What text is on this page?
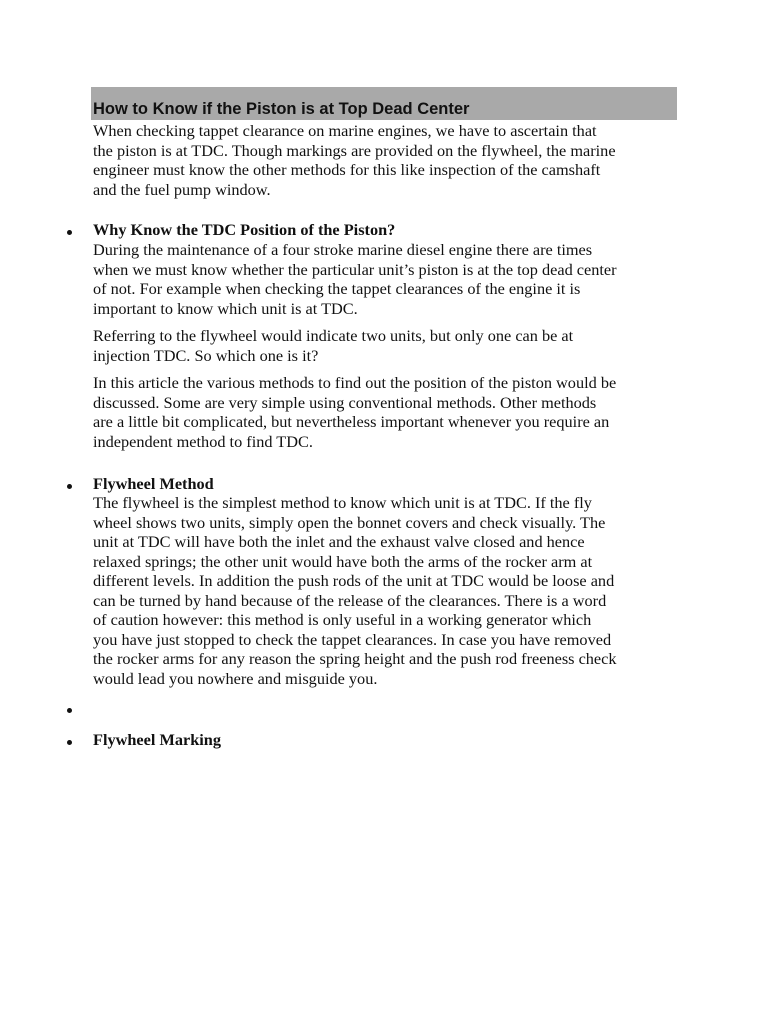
How to Know if the Piston is at Top Dead Center

When checking tappet clearance on marine engines, we have to ascertain that

the piston is at TDC. Though markings are provided on the flywheel, the marine

engineer must know the other methods for this like inspection of the camshaft

and the fuel pump window.

Why Know the TDC Position of the Piston?

During the maintenance of a four stroke marine diesel engine there are times

when we must know whether the particular unit’s piston is at the top dead center

of not. For example when checking the tappet clearances of the engine it is

important to know which unit is at TDC.

Referring to the flywheel would indicate two units, but only one can be at

injection TDC. So which one is it?

In this article the various methods to find out the position of the piston would be

discussed. Some are very simple using conventional methods. Other methods

are a little bit complicated, but nevertheless important whenever you require an

independent method to find TDC.

Flywheel Method

The flywheel is the simplest method to know which unit is at TDC. If the fly

wheel shows two units, simply open the bonnet covers and check visually. The

unit at TDC will have both the inlet and the exhaust valve closed and hence

relaxed springs; the other unit would have both the arms of the rocker arm at

different levels. In addition the push rods of the unit at TDC would be loose and

can be turned by hand because of the release of the clearances. There is a word

of caution however: this method is only useful in a working generator which

you have just stopped to check the tappet clearances. In case you have removed

the rocker arms for any reason the spring height and the push rod freeness check

would lead you nowhere and misguide you.

Flywheel Marking
